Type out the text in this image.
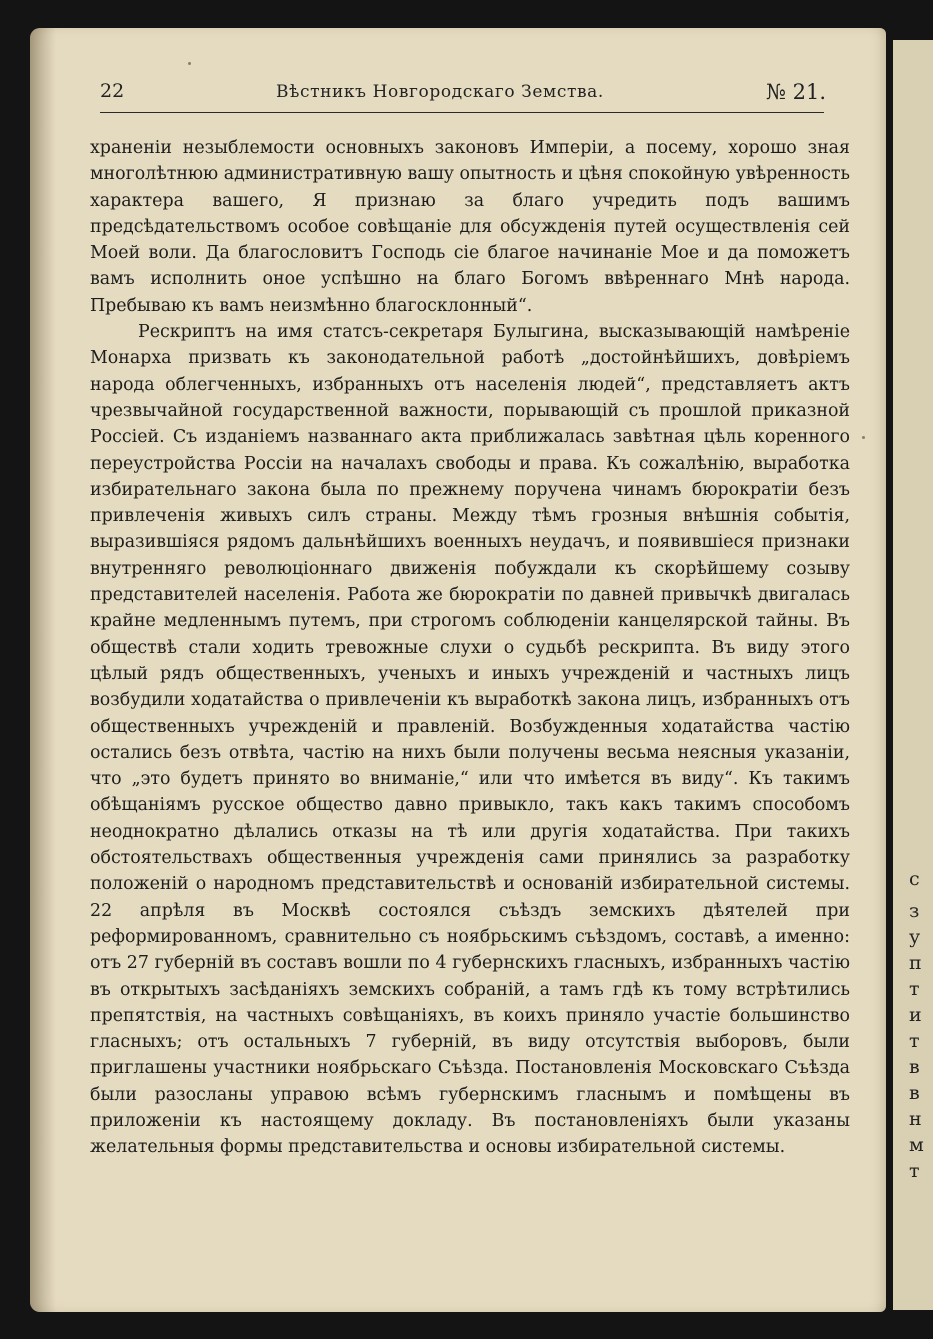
с
з
у
п
т
и
т
в
в
н
м
т
22	Вѣстникъ Новгородскаго Земства.	№ 21.

храненіи незыблемости основныхъ законовъ Имперіи, а посему, хорошо зная многолѣтнюю административную вашу опытность и цѣня спокойную увѣренность характера вашего, Я признаю за благо учредить подъ вашимъ предсѣдательствомъ особое совѣщаніе для обсужденія путей осуществленія сей Моей воли. Да благословитъ Господь сіе благое начинаніе Мое и да поможетъ вамъ исполнить оное успѣшно на благо Богомъ ввѣреннаго Мнѣ народа. Пребываю къ вамъ неизмѣнно благосклонный“.

Рескриптъ на имя статсъ-секретаря Булыгина, высказывающій намѣреніе Монарха призвать къ законодательной работѣ „достойнѣйшихъ, довѣріемъ народа облегченныхъ, избранныхъ отъ населенія людей“, представляетъ актъ чрезвычайной государственной важности, порывающій съ прошлой приказной Россіей. Съ изданіемъ названнаго акта приближалась завѣтная цѣль коренного переустройства Россіи на началахъ свободы и права. Къ сожалѣнію, выработка избирательнаго закона была по прежнему поручена чинамъ бюрократіи безъ привлеченія живыхъ силъ страны. Между тѣмъ грозныя внѣшнія событія, выразившіяся рядомъ дальнѣйшихъ военныхъ неудачъ, и появившіеся признаки внутренняго революціоннаго движенія побуждали къ скорѣйшему созыву представителей населенія. Работа же бюрократіи по давней привычкѣ двигалась крайне медленнымъ путемъ, при строгомъ соблюденіи канцелярской тайны. Въ обществѣ стали ходить тревожные слухи о судьбѣ рескрипта. Въ виду этого цѣлый рядъ общественныхъ, ученыхъ и иныхъ учрежденій и частныхъ лицъ возбудили ходатайства о привлеченіи къ выработкѣ закона лицъ, избранныхъ отъ общественныхъ учрежденій и правленій. Возбужденныя ходатайства частію остались безъ отвѣта, частію на нихъ были получены весьма неясныя указаніи, что „это будетъ принято во вниманіе,“ или что имѣется въ виду“. Къ такимъ обѣщаніямъ русское общество давно привыкло, такъ какъ такимъ способомъ неоднократно дѣлались отказы на тѣ или другія ходатайства. При такихъ обстоятельствахъ общественныя учрежденія сами принялись за разработку положеній о народномъ представительствѣ и основаній избирательной системы. 22 апрѣля въ Москвѣ состоялся съѣздъ земскихъ дѣятелей при реформированномъ, сравнительно съ ноябрьскимъ съѣздомъ, составѣ, а именно: отъ 27 губерній въ составъ вошли по 4 губернскихъ гласныхъ, избранныхъ частію въ открытыхъ засѣданіяхъ земскихъ собраній, а тамъ гдѣ къ тому встрѣтились препятствія, на частныхъ совѣщаніяхъ, въ коихъ приняло участіе большинство гласныхъ; отъ остальныхъ 7 губерній, въ виду отсутствія выборовъ, были приглашены участники ноябрьскаго Съѣзда. Постановленія Московскаго Съѣзда были разосланы управою всѣмъ губернскимъ гласнымъ и помѣщены въ приложеніи къ настоящему докладу. Въ постановленіяхъ были указаны желательныя формы представительства и основы избирательной системы.
